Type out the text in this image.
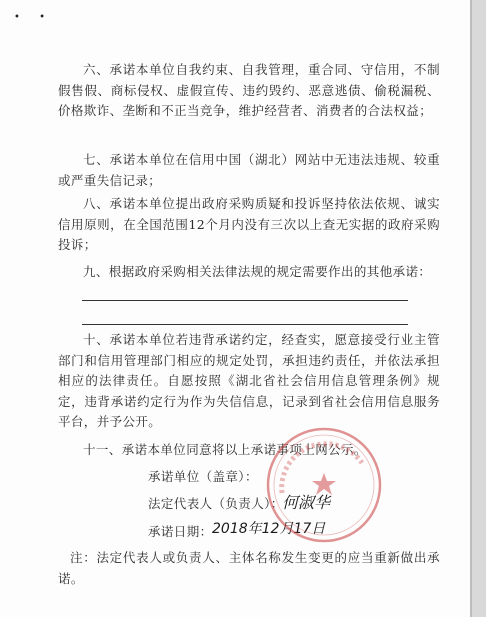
• •
六、承诺本单位自我约束、自我管理，重合同、守信用，不制假售假、商标侵权、虚假宣传、违约毁约、恶意逃债、偷税漏税、价格欺诈、垄断和不正当竞争，维护经营者、消费者的合法权益；
七、承诺本单位在信用中国（湖北）网站中无违法违规、较重或严重失信记录；
八、承诺本单位提出政府采购质疑和投诉坚持依法依规、诚实信用原则，在全国范围12个月内没有三次以上查无实据的政府采购投诉；
九、根据政府采购相关法律法规的规定需要作出的其他承诺：
十、承诺本单位若违背承诺约定，经查实，愿意接受行业主管部门和信用管理部门相应的规定处罚，承担违约责任，并依法承担相应的法律责任。自愿按照《湖北省社会信用信息管理条例》规定，违背承诺约定行为作为失信信息，记录到省社会信用信息服务平台，并予公开。
十一、承诺本单位同意将以上承诺事项上网公示。
承诺单位（盖章）：
法定代表人（负责人）：
何淑华
承诺日期： 2018年12月17日
注：法定代表人或负责人、主体名称发生变更的应当重新做出承诺。
